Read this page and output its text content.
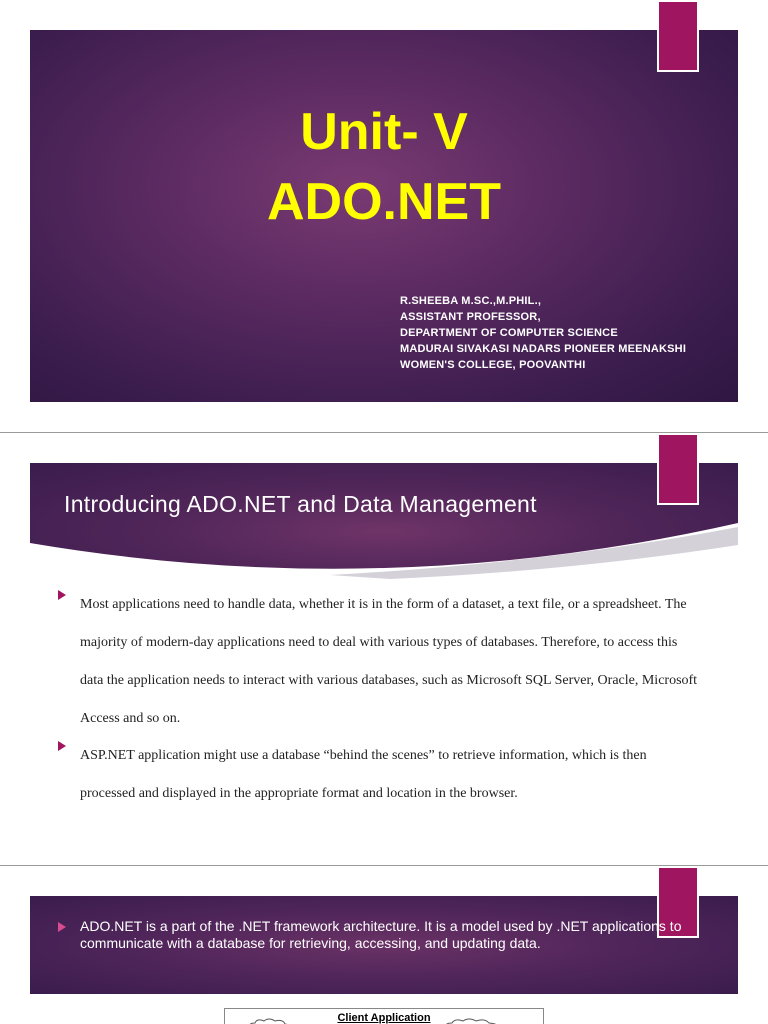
Unit- V
ADO.NET
R.SHEEBA M.SC.,M.PHIL.,
ASSISTANT PROFESSOR,
DEPARTMENT OF COMPUTER SCIENCE
MADURAI SIVAKASI NADARS PIONEER MEENAKSHI
WOMEN'S COLLEGE, POOVANTHI
Introducing ADO.NET and Data Management
Most applications need to handle data, whether it is in the form of a dataset, a text file, or a spreadsheet. The majority of modern-day applications need to deal with various types of databases. Therefore, to access this data the application needs to interact with various databases, such as Microsoft SQL Server, Oracle, Microsoft Access and so on.
ASP.NET application might use a database “behind the scenes” to retrieve information, which is then processed and displayed in the appropriate format and location in the browser.
ADO.NET is a part of the .NET framework architecture. It is a model used by .NET applications to communicate with a database for retrieving, accessing, and updating data.
Client Application
